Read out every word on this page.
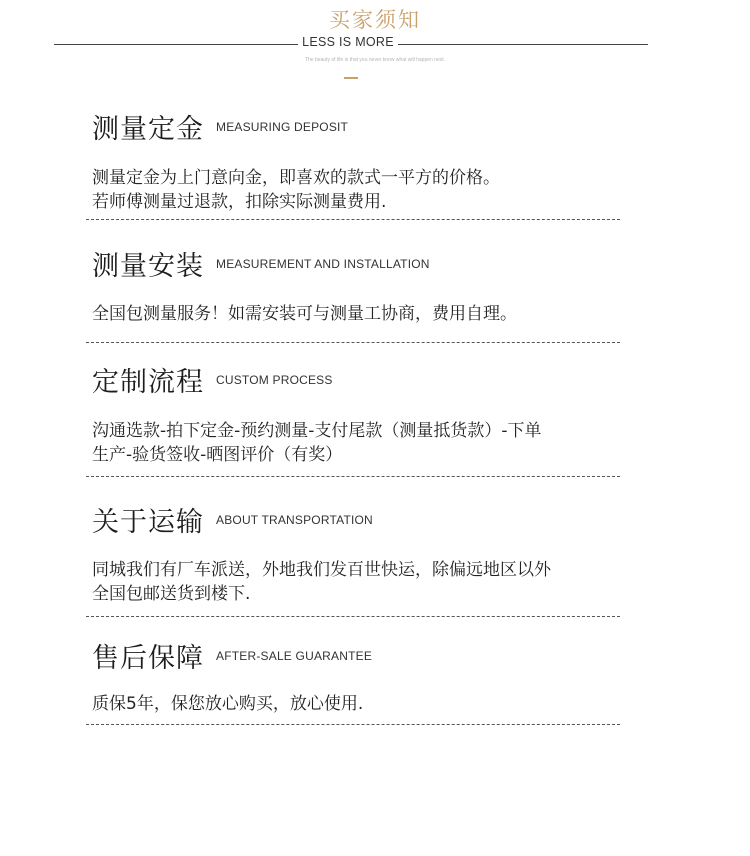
买家须知
LESS IS MORE
The beauty of life is that you never know what will happen next.
测量定金 MEASURING DEPOSIT
测量定金为上门意向金，即喜欢的款式一平方的价格。
若师傅测量过退款，扣除实际测量费用.
测量安装 MEASUREMENT AND INSTALLATION
全国包测量服务！如需安装可与测量工协商，费用自理。
定制流程 CUSTOM PROCESS
沟通选款-拍下定金-预约测量-支付尾款（测量抵货款）-下单
生产-验货签收-晒图评价（有奖）
关于运输 ABOUT TRANSPORTATION
同城我们有厂车派送，外地我们发百世快运，除偏远地区以外
全国包邮送货到楼下.
售后保障 AFTER-SALE GUARANTEE
质保5年，保您放心购买，放心使用.
